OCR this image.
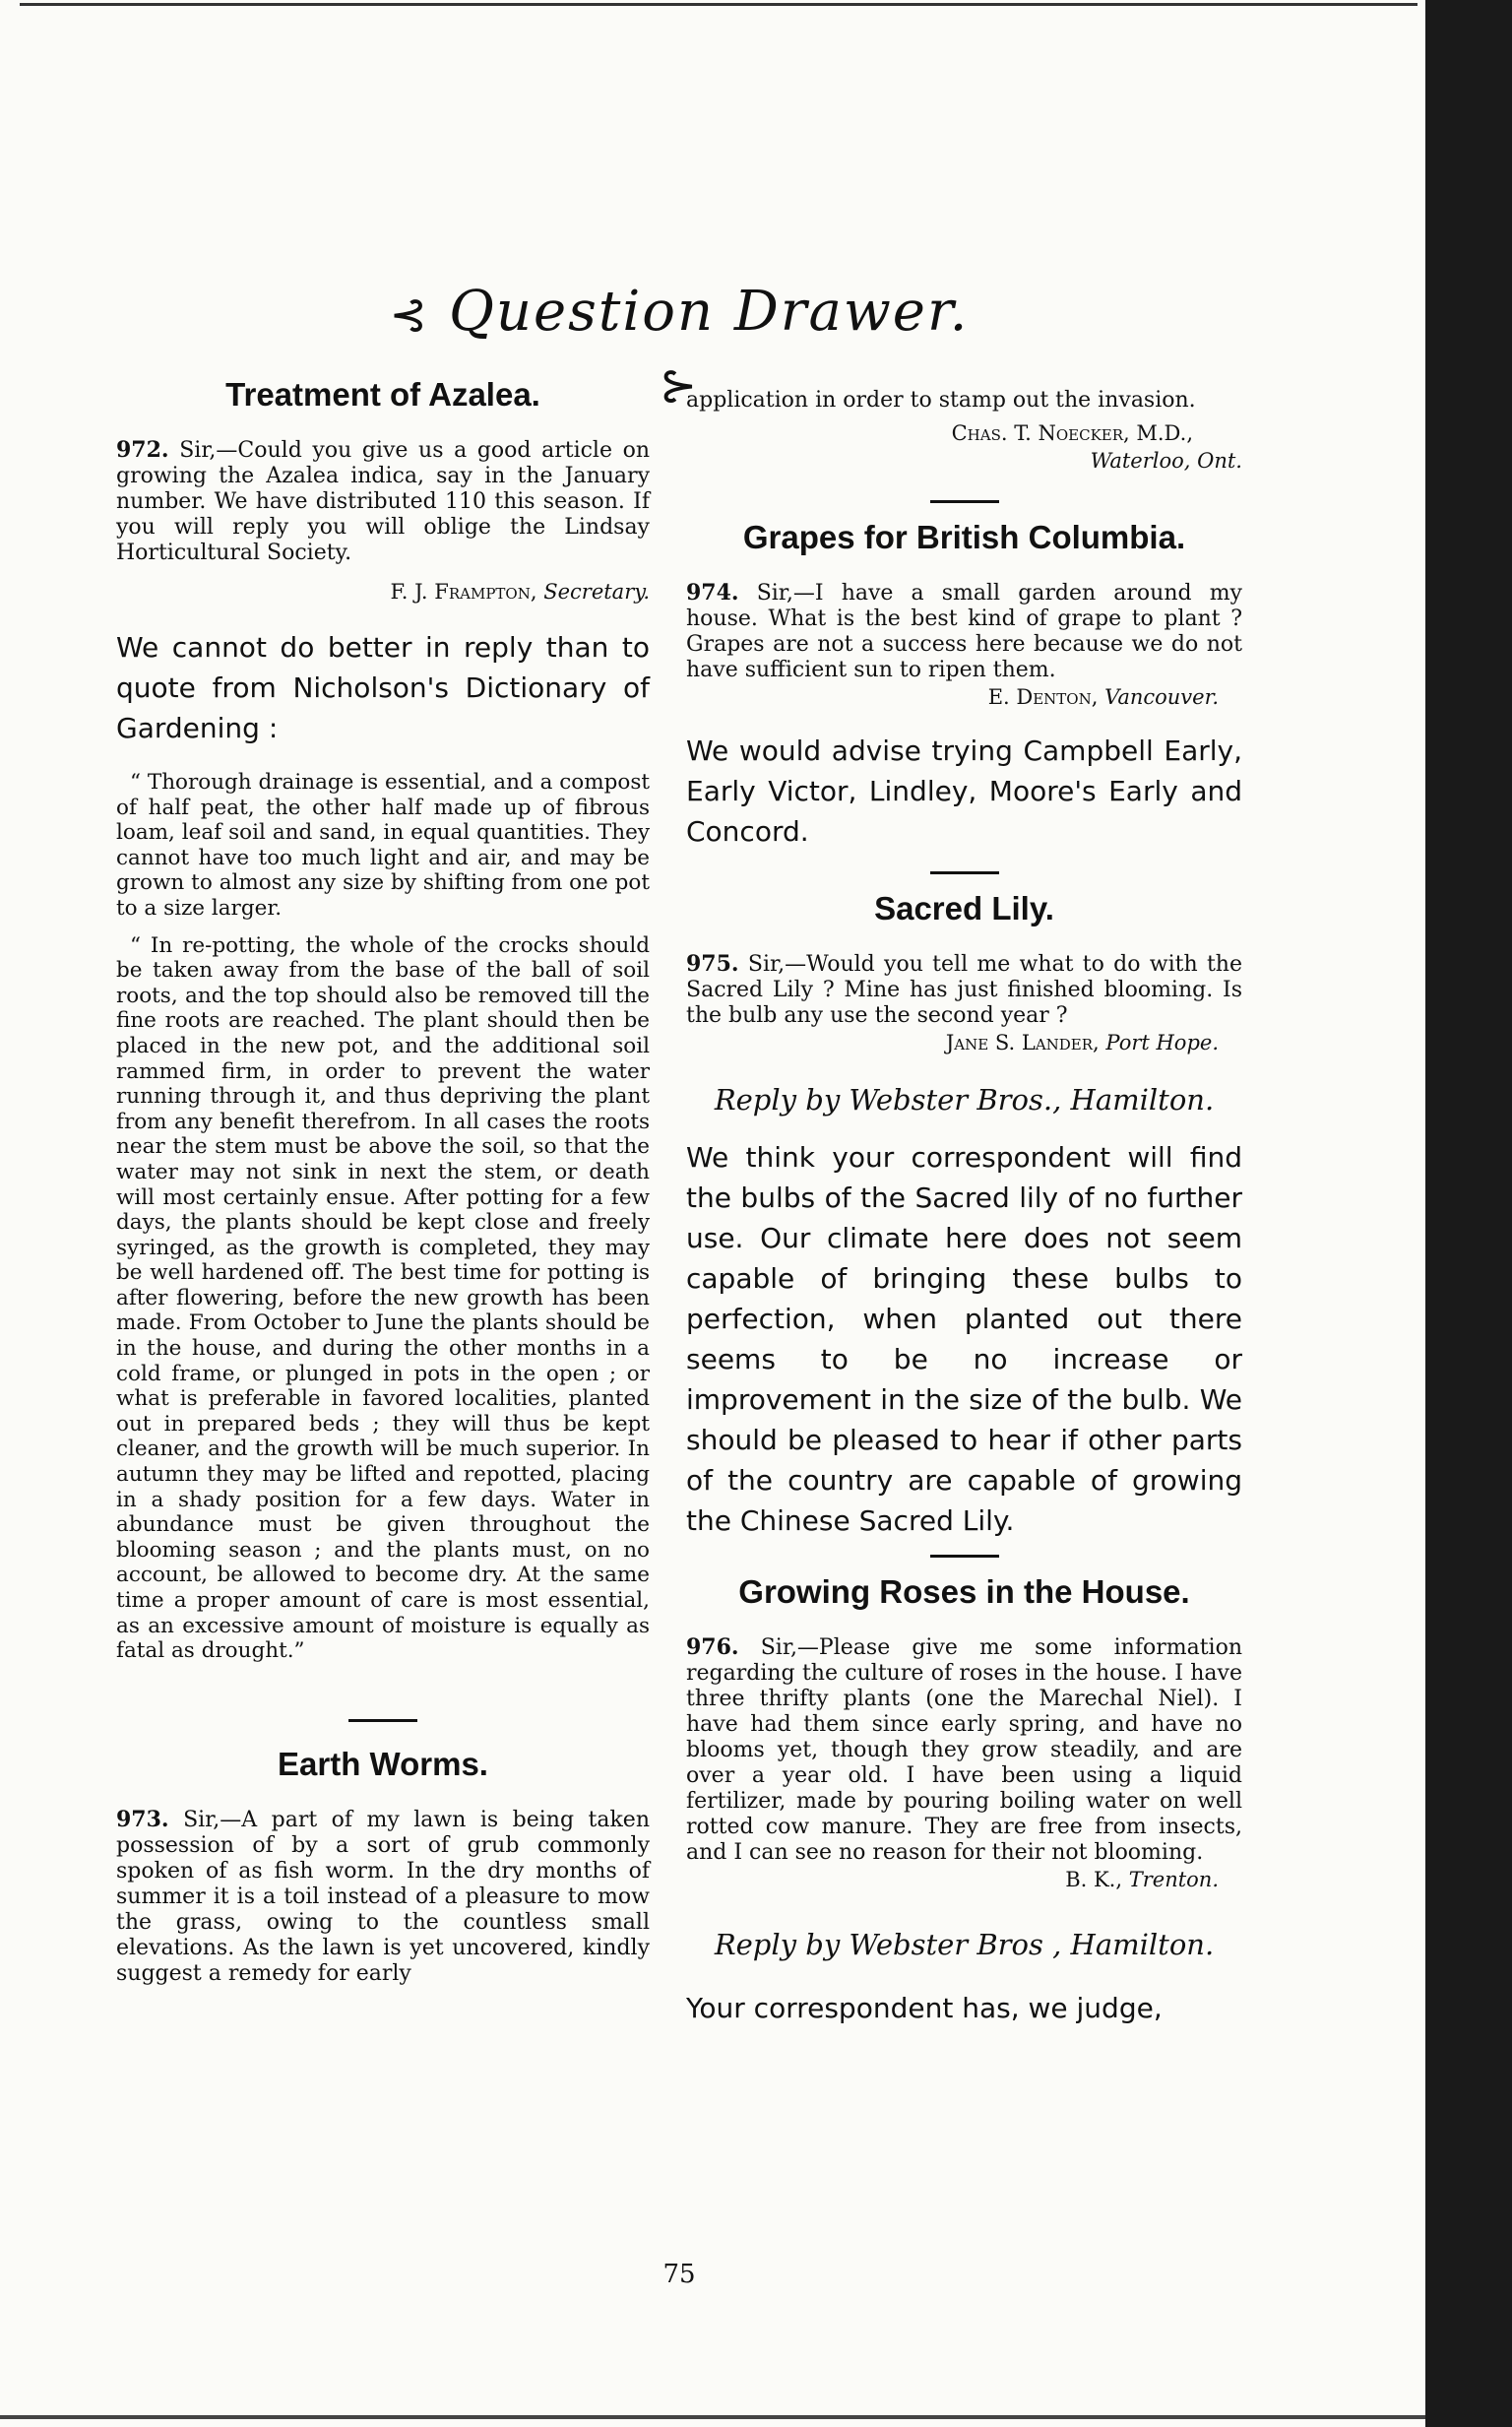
⊰ Question Drawer. ⊱
Treatment of Azalea.

972. Sir,—Could you give us a good article on growing the Azalea indica, say in the January number. We have distributed 110 this season. If you will reply you will oblige the Lindsay Horticultural Society.

F. J. Frampton, Secretary.

We cannot do better in reply than to quote from Nicholson's Dictionary of Gardening :

“ Thorough drainage is essential, and a compost of half peat, the other half made up of fibrous loam, leaf soil and sand, in equal quantities. They cannot have too much light and air, and may be grown to almost any size by shifting from one pot to a size larger.

“ In re-potting, the whole of the crocks should be taken away from the base of the ball of soil roots, and the top should also be removed till the fine roots are reached. The plant should then be placed in the new pot, and the additional soil rammed firm, in order to prevent the water running through it, and thus depriving the plant from any benefit therefrom. In all cases the roots near the stem must be above the soil, so that the water may not sink in next the stem, or death will most certainly ensue. After potting for a few days, the plants should be kept close and freely syringed, as the growth is completed, they may be well hardened off. The best time for potting is after flowering, before the new growth has been made. From October to June the plants should be in the house, and during the other months in a cold frame, or plunged in pots in the open ; or what is preferable in favored localities, planted out in prepared beds ; they will thus be kept cleaner, and the growth will be much superior. In autumn they may be lifted and repotted, placing in a shady position for a few days. Water in abundance must be given throughout the blooming season ; and the plants must, on no account, be allowed to become dry. At the same time a proper amount of care is most essential, as an excessive amount of moisture is equally as fatal as drought.”

Earth Worms.

973. Sir,—A part of my lawn is being taken possession of by a sort of grub commonly spoken of as fish worm. In the dry months of summer it is a toil instead of a pleasure to mow the grass, owing to the countless small elevations. As the lawn is yet uncovered, kindly suggest a remedy for early

application in order to stamp out the invasion.

Chas. T. Noecker, M.D.,

Waterloo, Ont.

Grapes for British Columbia.

974. Sir,—I have a small garden around my house. What is the best kind of grape to plant ? Grapes are not a success here because we do not have sufficient sun to ripen them.

E. Denton, Vancouver.

We would advise trying Campbell Early, Early Victor, Lindley, Moore's Early and Concord.

Sacred Lily.

975. Sir,—Would you tell me what to do with the Sacred Lily ? Mine has just finished blooming. Is the bulb any use the second year ?

Jane S. Lander, Port Hope.

Reply by Webster Bros., Hamilton.

We think your correspondent will find the bulbs of the Sacred lily of no further use. Our climate here does not seem capable of bringing these bulbs to perfection, when planted out there seems to be no increase or improvement in the size of the bulb. We should be pleased to hear if other parts of the country are capable of growing the Chinese Sacred Lily.

Growing Roses in the House.

976. Sir,—Please give me some information regarding the culture of roses in the house. I have three thrifty plants (one the Marechal Niel). I have had them since early spring, and have no blooms yet, though they grow steadily, and are over a year old. I have been using a liquid fertilizer, made by pouring boiling water on well rotted cow manure. They are free from insects, and I can see no reason for their not blooming.

B. K., Trenton.

Reply by Webster Bros , Hamilton.

Your correspondent has, we judge,

75
